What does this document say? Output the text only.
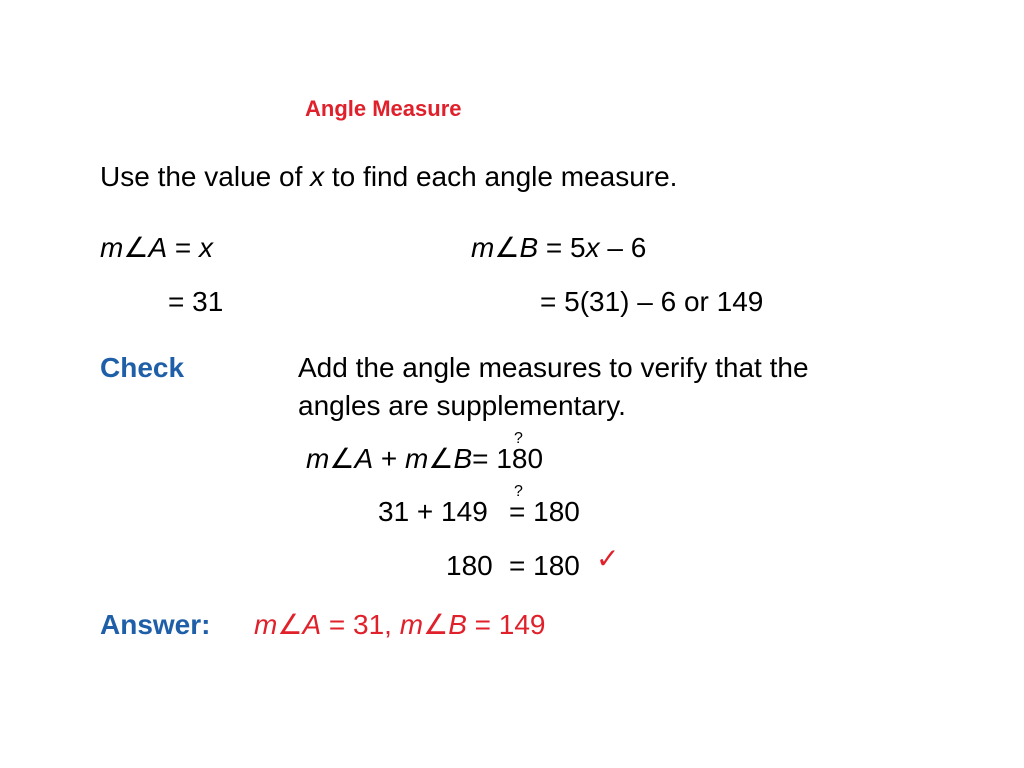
Angle Measure
Use the value of x to find each angle measure.
m∠A = x
= 31
m∠B = 5x – 6
= 5(31) – 6 or 149
Check	Add the angle measures to verify that the
angles are supplementary.
?
m∠A + m∠B= 180
?
31 + 149 = 180
180 = 180 ✓
Answer: m∠A = 31, m∠B = 149
